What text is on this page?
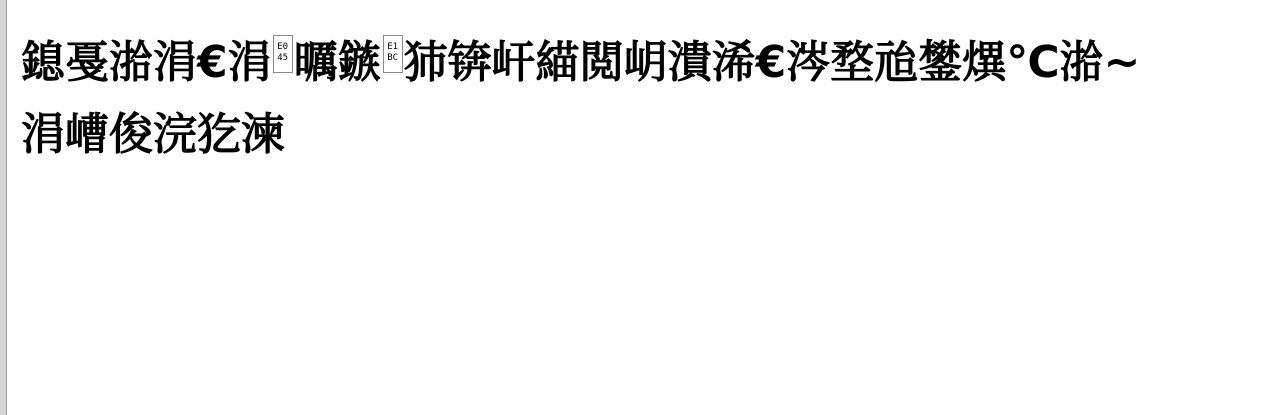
鎴戞湁涓€涓 E0
45 曞鏃 E1
BC 犻锛屽緢閲岄潰浠€涔堥兘鐢熼℃湁~
涓嶆俊浣犵湅
